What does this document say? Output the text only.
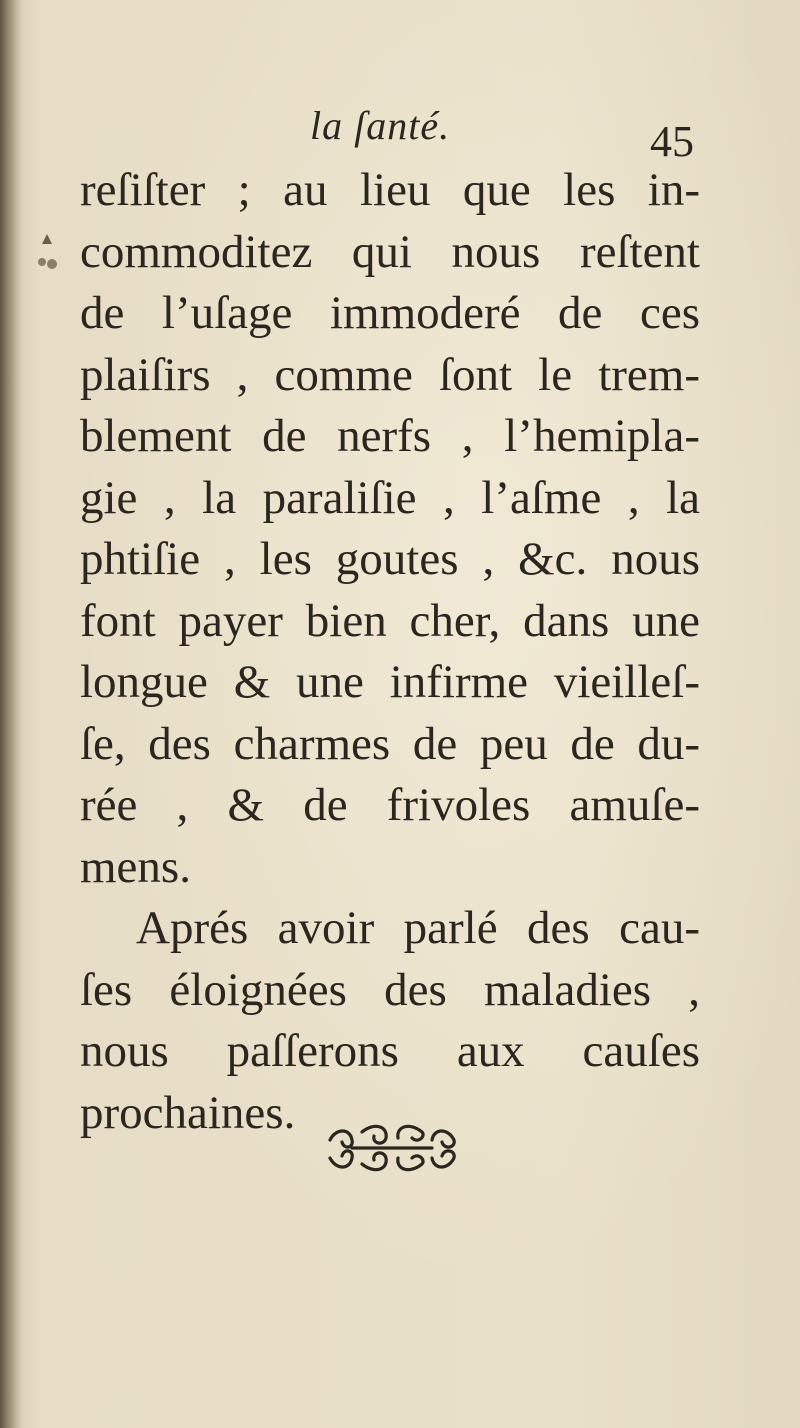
la ſanté.	45
reſiſter ; au lieu que les in-
commoditez qui nous reſtent
de l’uſage immoderé de ces
plaiſirs , comme ſont le trem-
blement de nerfs , l’hemipla-
gie , la paraliſie , l’aſme , la
phtiſie , les goutes , &c. nous
font payer bien cher, dans une
longue & une infirme vieilleſ-
ſe, des charmes de peu de du-
rée , & de frivoles amuſe-
mens.
Aprés avoir parlé des cau-
ſes éloignées des maladies ,
nous paſſerons aux cauſes
prochaines.
